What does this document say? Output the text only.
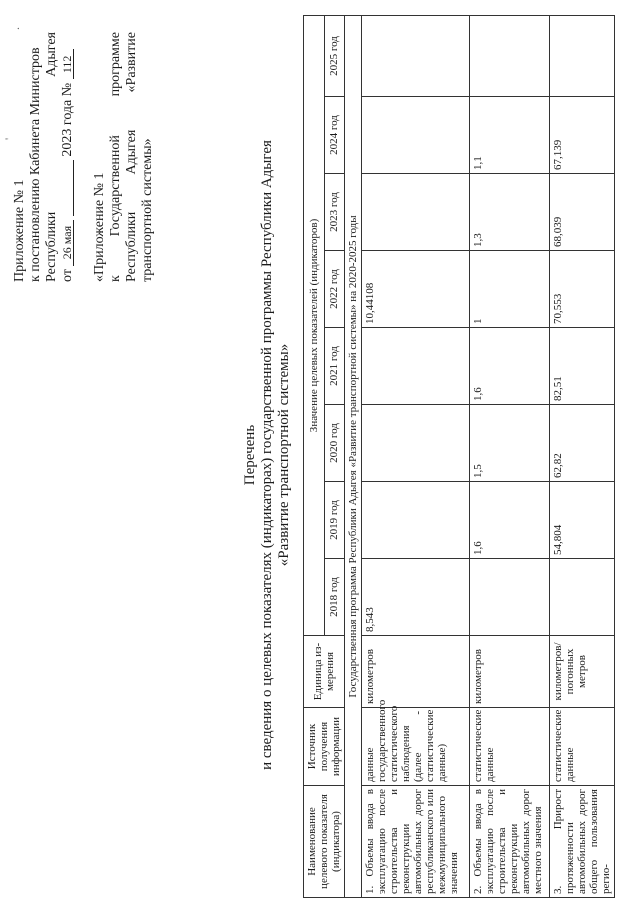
Приложение № 1 к постановлению Кабинета Министров Республики
Адыгея
от 26 мая   2023 года № 112
«Приложение № 1 к
Государственной
программе
Республики
Адыгея
«Развитие
транспортной системы»
Перечень и сведения о целевых показателях (индикаторах) государственной программы Республики Адыгея «Развитие транспортной системы»
Наименование целевого показателя (индикатора)	Источник получения информации	Единица из-мерения	Значение целевых показателей (индикаторов)							
			2018 год	2019 год	2020 год	2021 год	2022 год	2023 год	2024 год	2025 год
Государственная программа Республики Адыгея «Развитие транспортной системы» на 2020-2025 годы										
1. Объемы ввода в эксплуатацию после строительства и реконструкции автомобильных дорог республиканского или межмуниципального значения	данные государственного статистического наблюдения (далее - статистические данные)	километров	8,543				10,44108			
2. Объемы ввода в эксплуатацию после строительства и реконструкции автомобильных дорог местного значения	статистические данные	километров		1,6	1,5	1,6	1	1,3	1,1	
3. Прирост протяженности автомобильных дорог общего пользования регио-	статистические данные	километров/ погонных метров		54,804	62,82	82,51	70,553	68,039	67,139	
'
.
